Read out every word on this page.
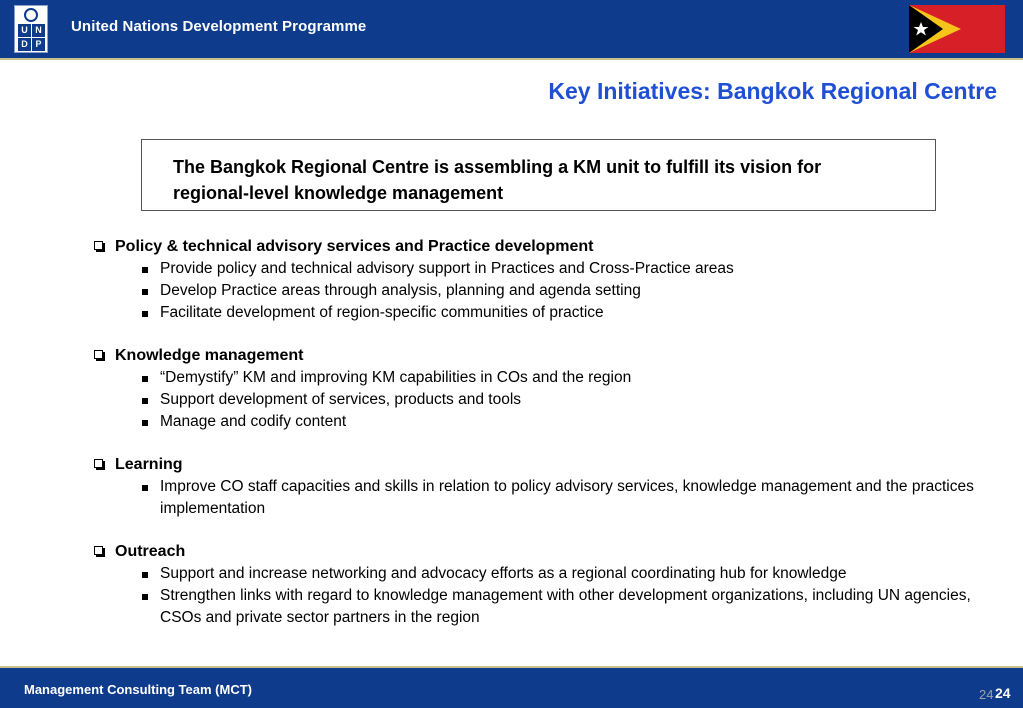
U N
D P
United Nations Development Programme
Key Initiatives: Bangkok Regional Centre
The Bangkok Regional Centre is assembling a KM unit to fulfill its vision for regional-level knowledge management
Policy & technical advisory services and Practice development
Provide policy and technical advisory support in Practices and Cross-Practice areas
Develop Practice areas through analysis, planning and agenda setting
Facilitate development of region-specific communities of practice
Knowledge management
“Demystify” KM and improving KM capabilities in COs and the region
Support development of services, products and tools
Manage and codify content
Learning
Improve CO staff capacities and skills in relation to policy advisory services, knowledge management and the practices implementation
Outreach
Support and increase networking and advocacy efforts as a regional coordinating hub for knowledge
Strengthen links with regard to knowledge management with other development organizations, including UN agencies, CSOs and private sector partners in the region
Management Consulting Team (MCT)	24 24
